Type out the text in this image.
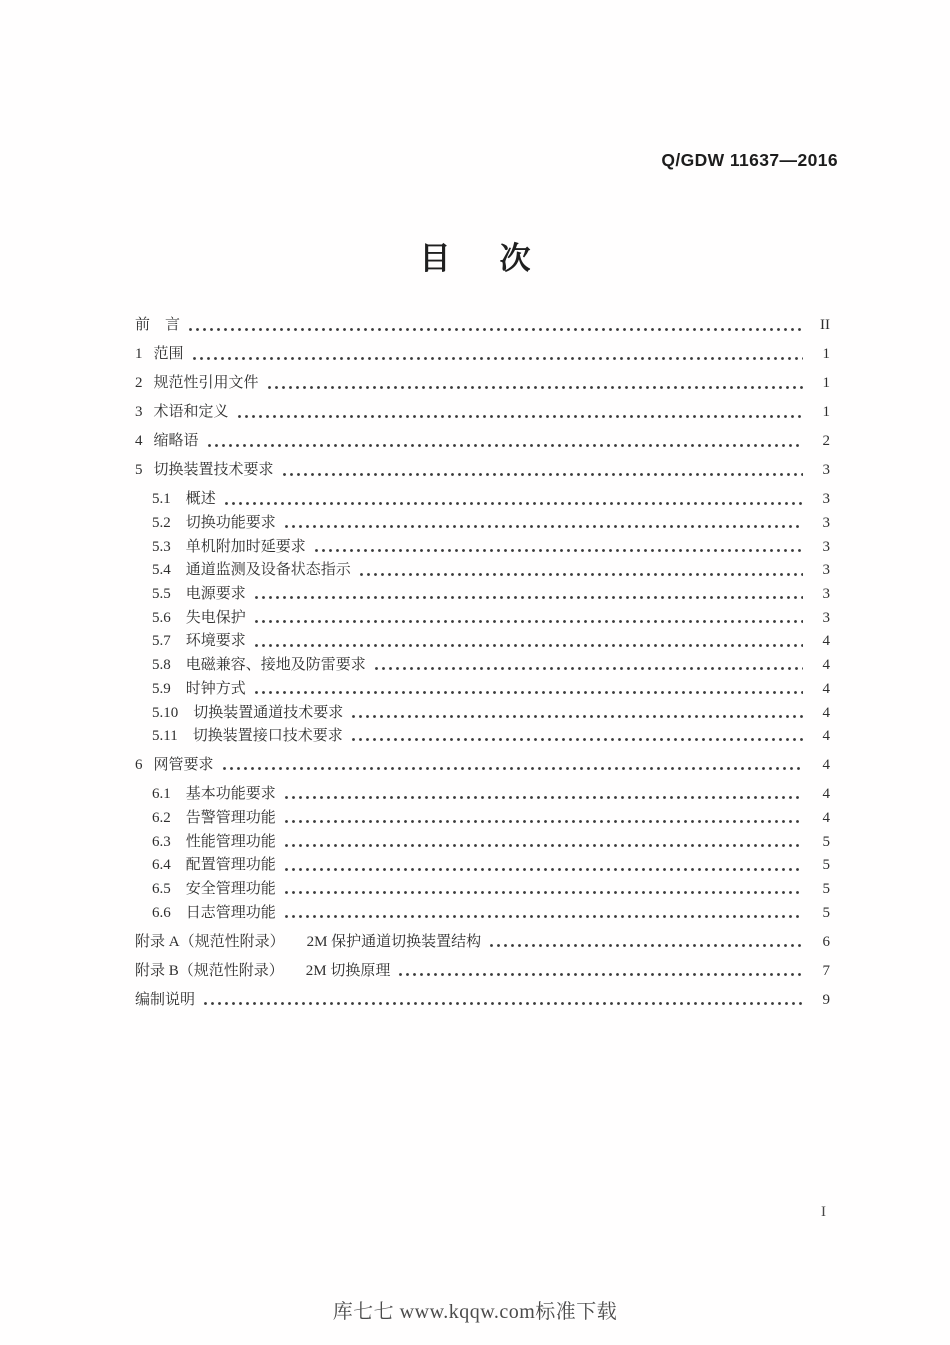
Q/GDW 11637—2016
目　次
前　言	II
1 范围	1
2 规范性引用文件	1
3 术语和定义	1
4 缩略语	2
5 切换装置技术要求	3
5.1 概述	3
5.2 切换功能要求	3
5.3 单机附加时延要求	3
5.4 通道监测及设备状态指示	3
5.5 电源要求	3
5.6 失电保护	3
5.7 环境要求	4
5.8 电磁兼容、接地及防雷要求	4
5.9 时钟方式	4
5.10 切换装置通道技术要求	4
5.11 切换装置接口技术要求	4
6 网管要求	4
6.1 基本功能要求	4
6.2 告警管理功能	4
6.3 性能管理功能	5
6.4 配置管理功能	5
6.5 安全管理功能	5
6.6 日志管理功能	5
附录 A（规范性附录） 2M 保护通道切换装置结构	6
附录 B（规范性附录） 2M 切换原理	7
编制说明	9
I
库七七 www.kqqw.com标准下载
